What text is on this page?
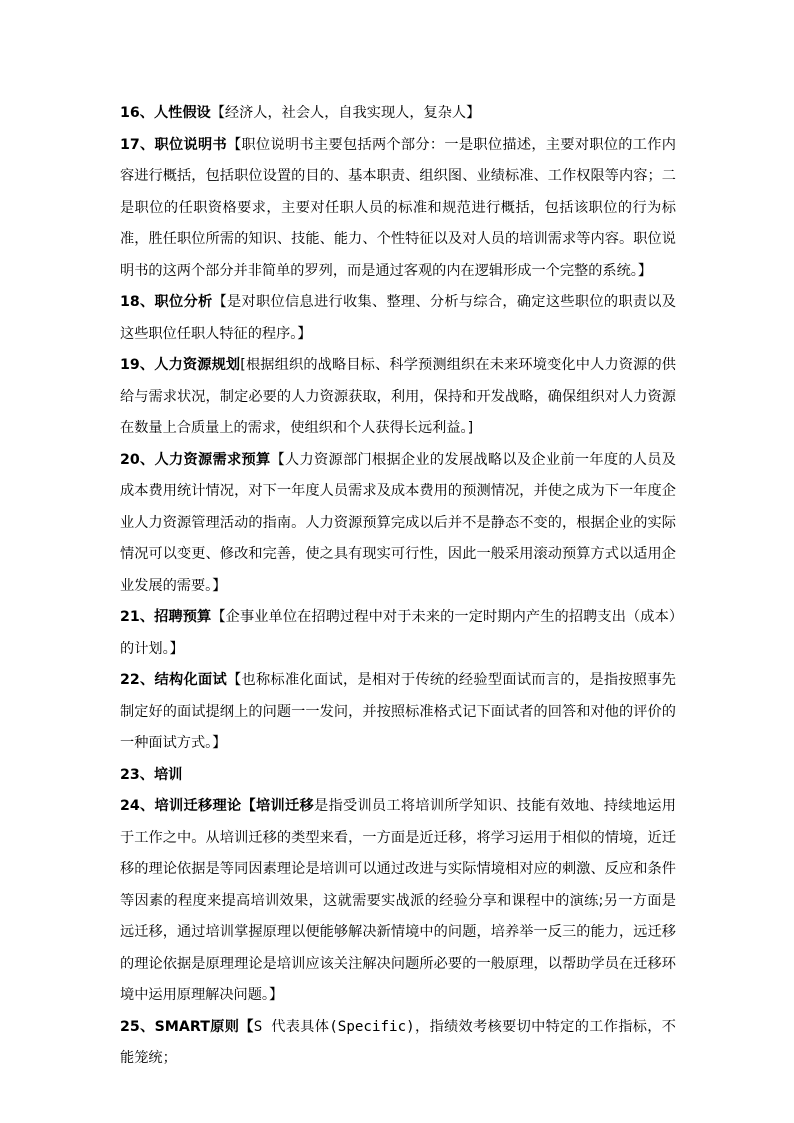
16、人性假设【经济人，社会人，自我实现人，复杂人】

17、职位说明书【职位说明书主要包括两个部分：一是职位描述，主要对职位的工作内容进行概括，包括职位设置的目的、基本职责、组织图、业绩标准、工作权限等内容；二是职位的任职资格要求，主要对任职人员的标准和规范进行概括，包括该职位的行为标准，胜任职位所需的知识、技能、能力、个性特征以及对人员的培训需求等内容。职位说明书的这两个部分并非简单的罗列，而是通过客观的内在逻辑形成一个完整的系统。】

18、职位分析【是对职位信息进行收集、整理、分析与综合，确定这些职位的职责以及这些职位任职人特征的程序。】

19、人力资源规划[根据组织的战略目标、科学预测组织在未来环境变化中人力资源的供给与需求状况，制定必要的人力资源获取，利用，保持和开发战略，确保组织对人力资源在数量上合质量上的需求，使组织和个人获得长远利益。]

20、人力资源需求预算【人力资源部门根据企业的发展战略以及企业前一年度的人员及成本费用统计情况，对下一年度人员需求及成本费用的预测情况，并使之成为下一年度企业人力资源管理活动的指南。人力资源预算完成以后并不是静态不变的，根据企业的实际情况可以变更、修改和完善，使之具有现实可行性，因此一般采用滚动预算方式以适用企业发展的需要。】

21、招聘预算【企事业单位在招聘过程中对于未来的一定时期内产生的招聘支出（成本）的计划。】

22、结构化面试【也称标准化面试，是相对于传统的经验型面试而言的，是指按照事先制定好的面试提纲上的问题一一发问，并按照标准格式记下面试者的回答和对他的评价的一种面试方式。】

23、培训

24、培训迁移理论【培训迁移是指受训员工将培训所学知识、技能有效地、持续地运用于工作之中。从培训迁移的类型来看，一方面是近迁移，将学习运用于相似的情境，近迁移的理论依据是等同因素理论是培训可以通过改进与实际情境相对应的刺激、反应和条件等因素的程度来提高培训效果，这就需要实战派的经验分享和课程中的演练;另一方面是远迁移，通过培训掌握原理以便能够解决新情境中的问题，培养举一反三的能力，远迁移的理论依据是原理理论是培训应该关注解决问题所必要的一般原理，以帮助学员在迁移环境中运用原理解决问题。】

25、SMART原则【S 代表具体(Specific)，指绩效考核要切中特定的工作指标，不能笼统；
